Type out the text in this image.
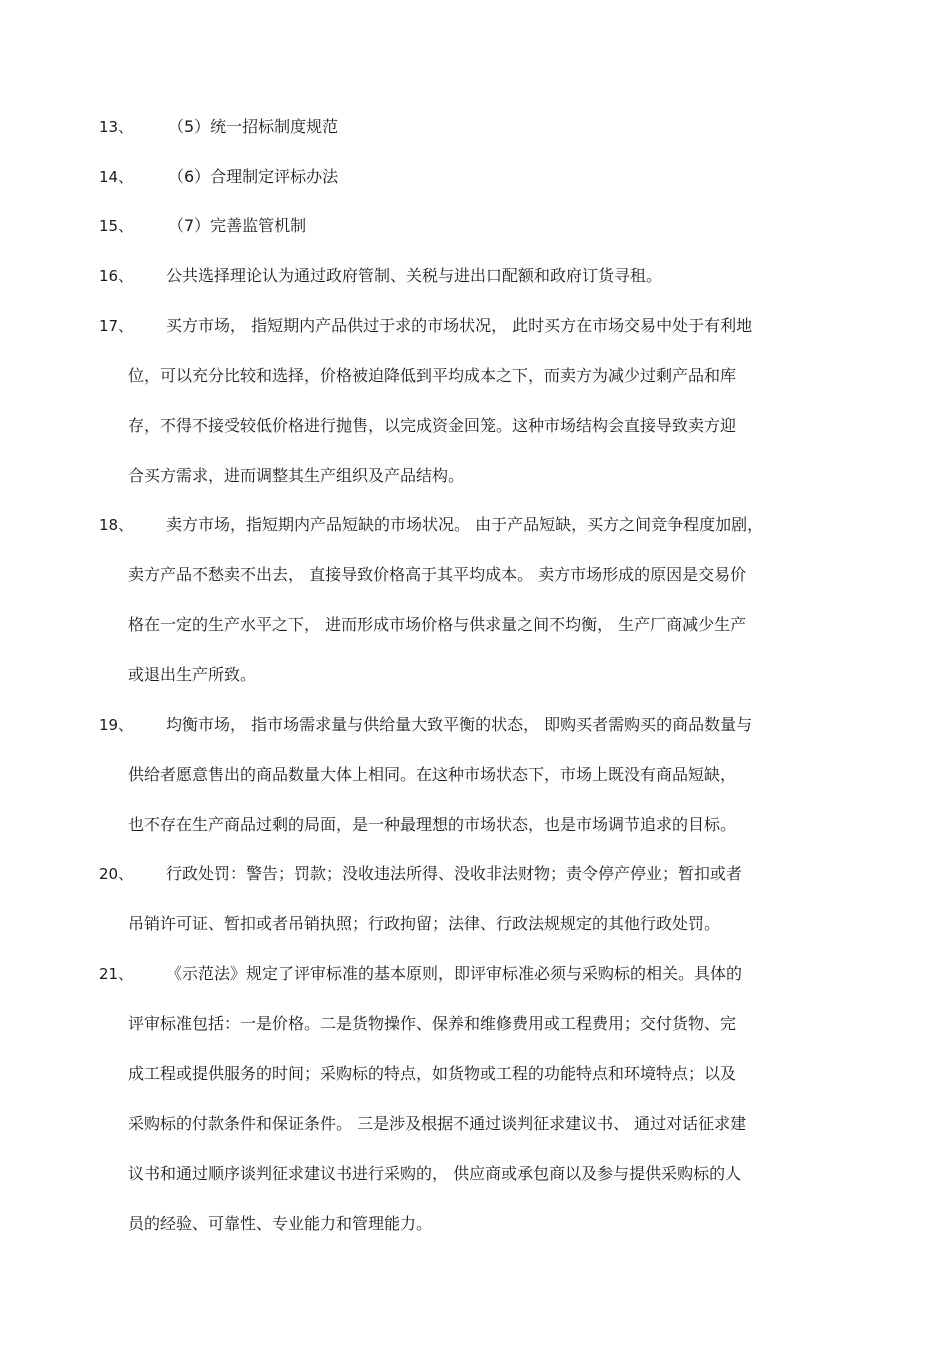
13、 （5）统一招标制度规范
14、 （6）合理制定评标办法
15、 （7）完善监管机制
16、 公共选择理论认为通过政府管制、关税与进出口配额和政府订货寻租。
17、 买方市场， 指短期内产品供过于求的市场状况， 此时买方在市场交易中处于有利地
位，可以充分比较和选择，价格被迫降低到平均成本之下，而卖方为减少过剩产品和库
存，不得不接受较低价格进行抛售，以完成资金回笼。这种市场结构会直接导致卖方迎
合买方需求，进而调整其生产组织及产品结构。
18、 卖方市场，指短期内产品短缺的市场状况。 由于产品短缺，买方之间竞争程度加剧，
卖方产品不愁卖不出去， 直接导致价格高于其平均成本。 卖方市场形成的原因是交易价
格在一定的生产水平之下， 进而形成市场价格与供求量之间不均衡， 生产厂商减少生产
或退出生产所致。
19、 均衡市场， 指市场需求量与供给量大致平衡的状态， 即购买者需购买的商品数量与
供给者愿意售出的商品数量大体上相同。在这种市场状态下，市场上既没有商品短缺，
也不存在生产商品过剩的局面，是一种最理想的市场状态，也是市场调节追求的目标。
20、 行政处罚：警告；罚款；没收违法所得、没收非法财物；责令停产停业；暂扣或者
吊销许可证、暂扣或者吊销执照；行政拘留；法律、行政法规规定的其他行政处罚。
21、 《示范法》规定了评审标准的基本原则，即评审标准必须与采购标的相关。具体的
评审标准包括：一是价格。二是货物操作、保养和维修费用或工程费用；交付货物、完
成工程或提供服务的时间；采购标的特点，如货物或工程的功能特点和环境特点；以及
采购标的付款条件和保证条件。 三是涉及根据不通过谈判征求建议书、 通过对话征求建
议书和通过顺序谈判征求建议书进行采购的， 供应商或承包商以及参与提供采购标的人
员的经验、可靠性、专业能力和管理能力。
